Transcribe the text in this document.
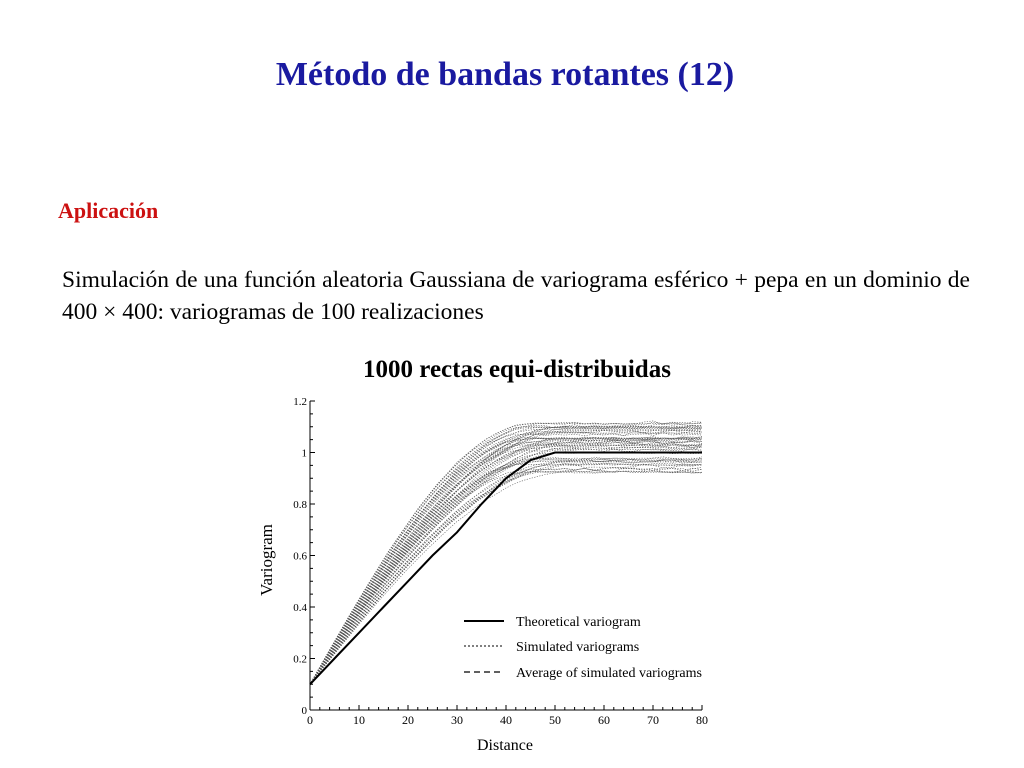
Método de bandas rotantes (12)
Aplicación
Simulación de una función aleatoria Gaussiana de variograma esférico + pepa en un dominio de 400 × 400: variogramas de 100 realizaciones
1000 rectas equi-distribuidas
0	10	20	30	40	50	60	70	80
0
0.2
0.4
0.6
0.8
1
1.2
Variogram
Distance
Theoretical variogram
Simulated variograms
Average of simulated variograms
